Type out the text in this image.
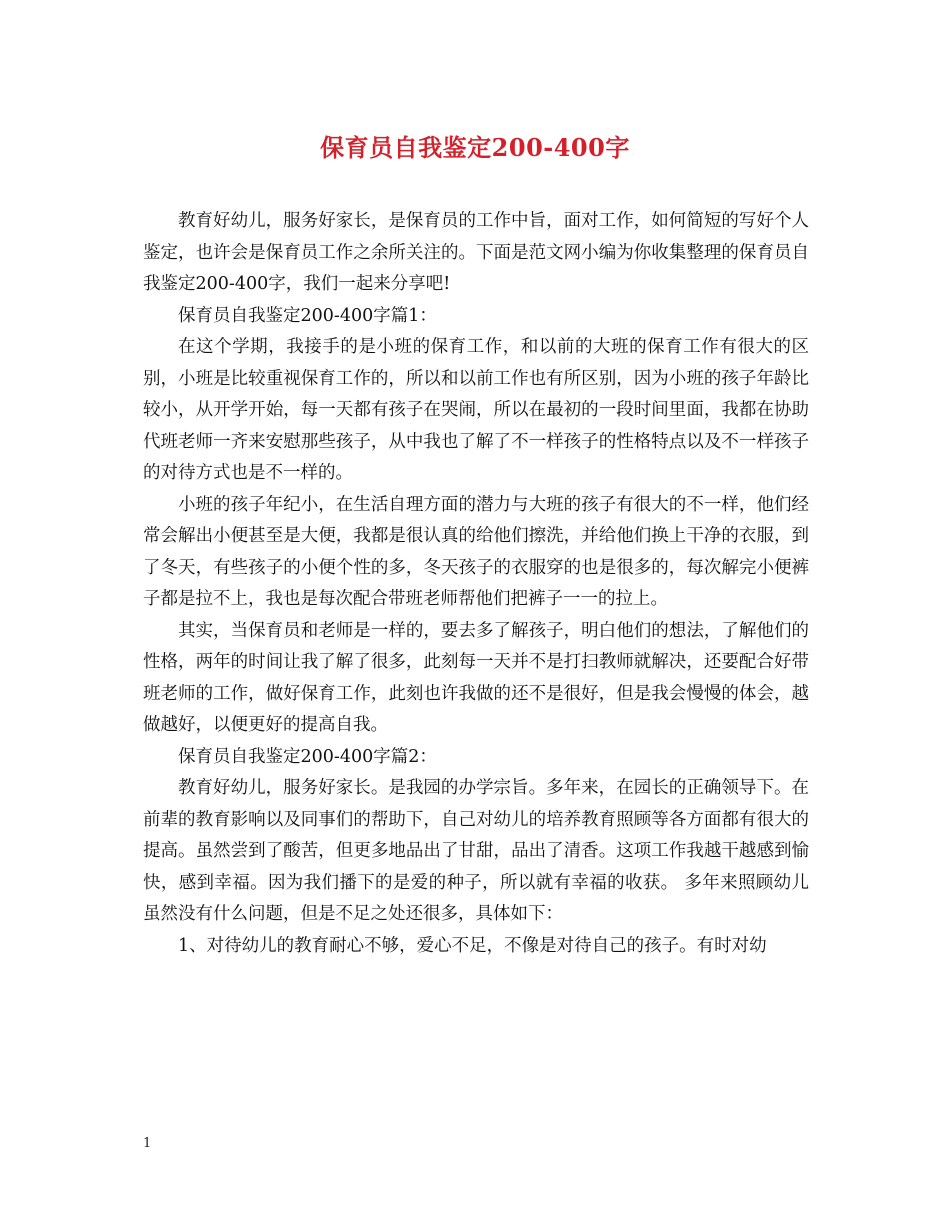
保育员自我鉴定200-400字

教育好幼儿，服务好家长，是保育员的工作中旨，面对工作，如何简短的写好个人鉴定，也许会是保育员工作之余所关注的。下面是范文网小编为你收集整理的保育员自我鉴定200-400字，我们一起来分享吧!

保育员自我鉴定200-400字篇1：

在这个学期，我接手的是小班的保育工作，和以前的大班的保育工作有很大的区别，小班是比较重视保育工作的，所以和以前工作也有所区别，因为小班的孩子年龄比较小，从开学开始，每一天都有孩子在哭闹，所以在最初的一段时间里面，我都在协助代班老师一齐来安慰那些孩子，从中我也了解了不一样孩子的性格特点以及不一样孩子的对待方式也是不一样的。

小班的孩子年纪小，在生活自理方面的潜力与大班的孩子有很大的不一样，他们经常会解出小便甚至是大便，我都是很认真的给他们擦洗，并给他们换上干净的衣服，到了冬天，有些孩子的小便个性的多，冬天孩子的衣服穿的也是很多的，每次解完小便裤子都是拉不上，我也是每次配合带班老师帮他们把裤子一一的拉上。

其实，当保育员和老师是一样的，要去多了解孩子，明白他们的想法，了解他们的性格，两年的时间让我了解了很多，此刻每一天并不是打扫教师就解决，还要配合好带班老师的工作，做好保育工作，此刻也许我做的还不是很好，但是我会慢慢的体会，越做越好，以便更好的提高自我。

保育员自我鉴定200-400字篇2：

教育好幼儿，服务好家长。是我园的办学宗旨。多年来，在园长的正确领导下。在前辈的教育影响以及同事们的帮助下，自己对幼儿的培养教育照顾等各方面都有很大的提高。虽然尝到了酸苦，但更多地品出了甘甜，品出了清香。这项工作我越干越感到愉快，感到幸福。因为我们播下的是爱的种子，所以就有幸福的收获。 多年来照顾幼儿虽然没有什么问题，但是不足之处还很多，具体如下：

1、对待幼儿的教育耐心不够，爱心不足，不像是对待自己的孩子。有时对幼

1
